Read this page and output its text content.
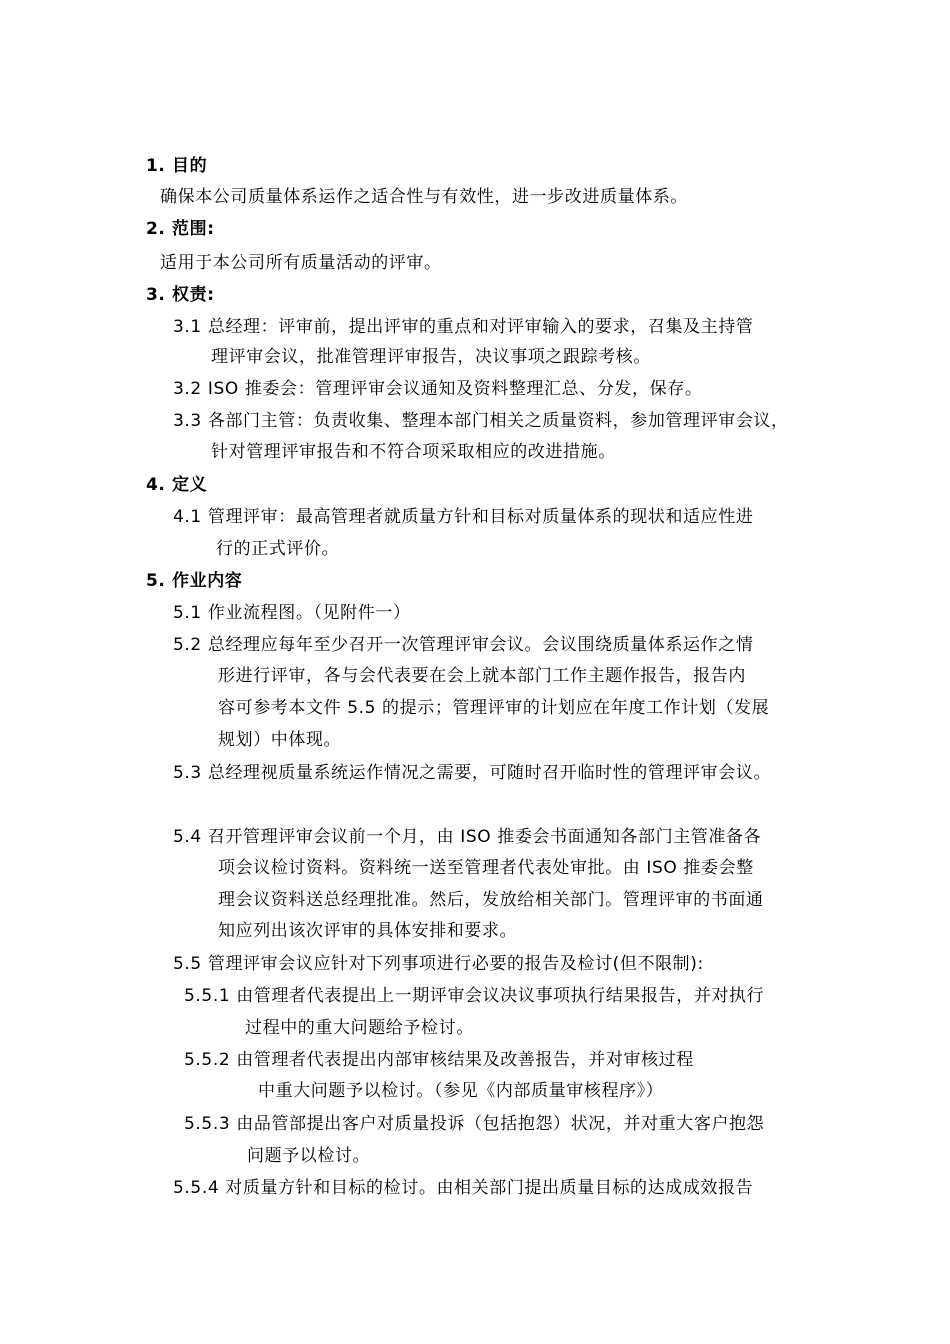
1. 目的
确保本公司质量体系运作之适合性与有效性，进一步改进质量体系。
2. 范围:
适用于本公司所有质量活动的评审。
3. 权责:
3.1 总经理：评审前，提出评审的重点和对评审输入的要求，召集及主持管
理评审会议，批准管理评审报告，决议事项之跟踪考核。
3.2 ISO 推委会：管理评审会议通知及资料整理汇总、分发，保存。
3.3 各部门主管：负责收集、整理本部门相关之质量资料，参加管理评审会议，
针对管理评审报告和不符合项采取相应的改进措施。
4. 定义
4.1 管理评审：最高管理者就质量方针和目标对质量体系的现状和适应性进
行的正式评价。
5. 作业内容
5.1 作业流程图。（见附件一）
5.2 总经理应每年至少召开一次管理评审会议。会议围绕质量体系运作之情
形进行评审，各与会代表要在会上就本部门工作主题作报告，报告内
容可参考本文件 5.5 的提示；管理评审的计划应在年度工作计划（发展
规划）中体现。
5.3 总经理视质量系统运作情况之需要，可随时召开临时性的管理评审会议。
5.4 召开管理评审会议前一个月，由 ISO 推委会书面通知各部门主管准备各
项会议检讨资料。资料统一送至管理者代表处审批。由 ISO 推委会整
理会议资料送总经理批准。然后，发放给相关部门。管理评审的书面通
知应列出该次评审的具体安排和要求。
5.5 管理评审会议应针对下列事项进行必要的报告及检讨(但不限制):
5.5.1 由管理者代表提出上一期评审会议决议事项执行结果报告，并对执行
过程中的重大问题给予检讨。
5.5.2 由管理者代表提出内部审核结果及改善报告，并对审核过程
中重大问题予以检讨。（参见《内部质量审核程序》）
5.5.3 由品管部提出客户对质量投诉（包括抱怨）状况，并对重大客户抱怨
问题予以检讨。
5.5.4 对质量方针和目标的检讨。由相关部门提出质量目标的达成成效报告
